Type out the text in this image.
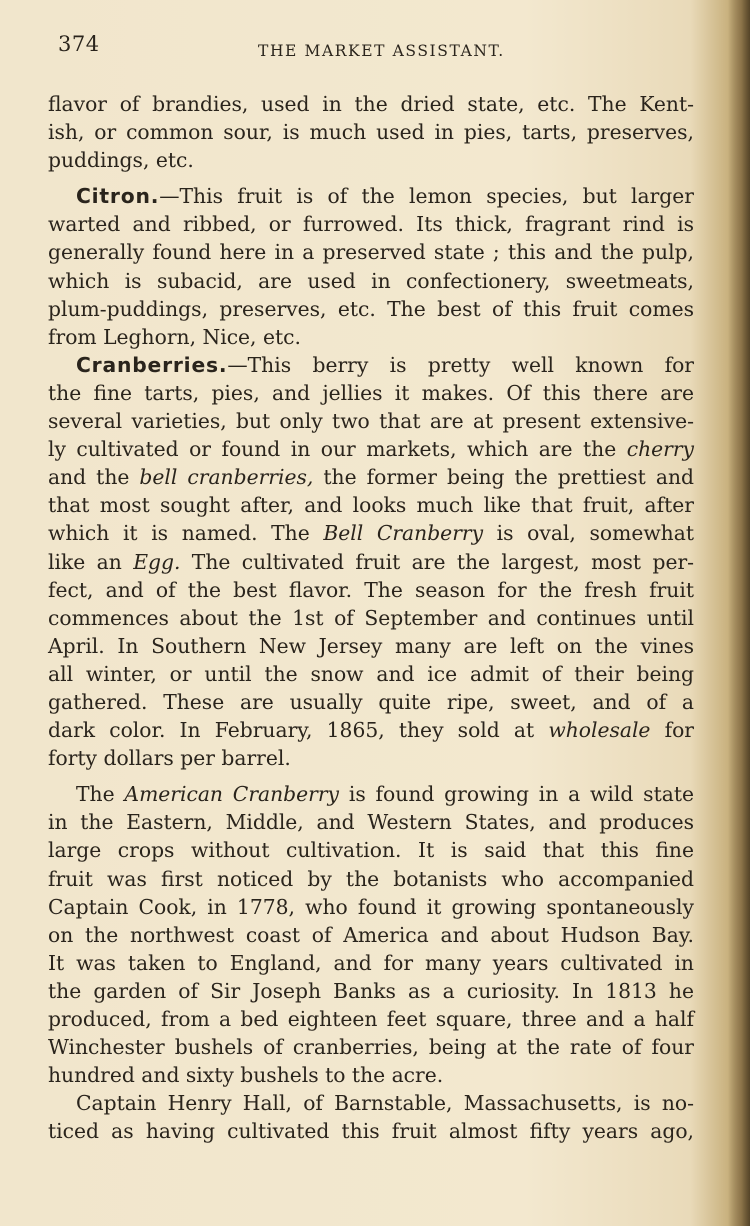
374	THE MARKET ASSISTANT.
flavor of brandies, used in the dried state, etc. The Kent-
ish, or common sour, is much used in pies, tarts, preserves,
puddings, etc.
Citron.—This fruit is of the lemon species, but larger
warted and ribbed, or furrowed. Its thick, fragrant rind is
generally found here in a preserved state ; this and the pulp,
which is subacid, are used in confectionery, sweetmeats,
plum-puddings, preserves, etc. The best of this fruit comes
from Leghorn, Nice, etc.
Cranberries.—This berry is pretty well known for
the fine tarts, pies, and jellies it makes. Of this there are
several varieties, but only two that are at present extensive-
ly cultivated or found in our markets, which are the cherry
and the bell cranberries, the former being the prettiest and
that most sought after, and looks much like that fruit, after
which it is named. The Bell Cranberry is oval, somewhat
like an Egg. The cultivated fruit are the largest, most per-
fect, and of the best flavor. The season for the fresh fruit
commences about the 1st of September and continues until
April. In Southern New Jersey many are left on the vines
all winter, or until the snow and ice admit of their being
gathered. These are usually quite ripe, sweet, and of a
dark color. In February, 1865, they sold at wholesale for
forty dollars per barrel.
The American Cranberry is found growing in a wild state
in the Eastern, Middle, and Western States, and produces
large crops without cultivation. It is said that this fine
fruit was first noticed by the botanists who accompanied
Captain Cook, in 1778, who found it growing spontaneously
on the northwest coast of America and about Hudson Bay.
It was taken to England, and for many years cultivated in
the garden of Sir Joseph Banks as a curiosity. In 1813 he
produced, from a bed eighteen feet square, three and a half
Winchester bushels of cranberries, being at the rate of four
hundred and sixty bushels to the acre.
Captain Henry Hall, of Barnstable, Massachusetts, is no-
ticed as having cultivated this fruit almost fifty years ago,
